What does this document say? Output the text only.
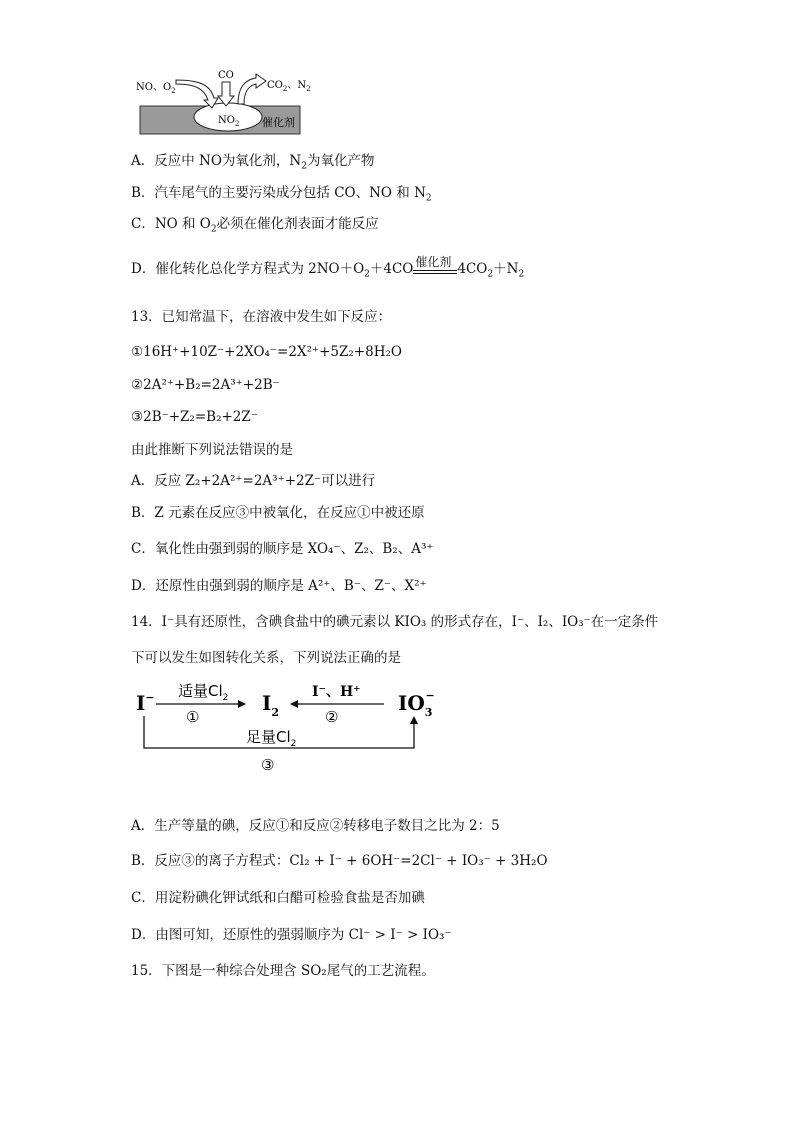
NO、$O_2$
CO
$CO_2$、$N_2$
$NO_2$ 催化剂
A．反应中 NO为氧化剂，$N_2$为氧化产物
B．汽车尾气的主要污染成分包括 CO、NO 和 $N_2$
C．NO 和 $O_2$必须在催化剂表面才能反应
D．催化转化总化学方程式为 $2NO+O_2+4CO$ 催化剂 $4CO_2+N_2$
13．已知常温下，在溶液中发生如下反应：
①16H⁺+10Z⁻+2XO₄⁻=2X²⁺+5Z₂+8H₂O
②2A²⁺+B₂=2A³⁺+2B⁻
③2B⁻+Z₂=B₂+2Z⁻
由此推断下列说法错误的是
A．反应 Z₂+2A²⁺=2A³⁺+2Z⁻可以进行
B．Z 元素在反应③中被氧化，在反应①中被还原
C．氧化性由强到弱的顺序是 XO₄⁻、Z₂、B₂、A³⁺
D．还原性由强到弱的顺序是 A²⁺、B⁻、Z⁻、X²⁺
14．I⁻具有还原性，含碘食盐中的碘元素以 KIO₃ 的形式存在，I⁻、I₂、IO₃⁻在一定条件
下可以发生如图转化关系，下列说法正确的是
I−	$I_2$	$IO_3-$
适量$Cl_2$
①
I⁻、H⁺
②
足量$Cl_2$
③
A．生产等量的碘，反应①和反应②转移电子数目之比为 2：5
B．反应③的离子方程式：Cl₂ + I⁻ + 6OH⁻=2Cl⁻ + IO₃⁻ + 3H₂O
C．用淀粉碘化钾试纸和白醋可检验食盐是否加碘
D．由图可知，还原性的强弱顺序为 Cl⁻ > I⁻ > IO₃⁻
15．下图是一种综合处理含 SO₂尾气的工艺流程。
